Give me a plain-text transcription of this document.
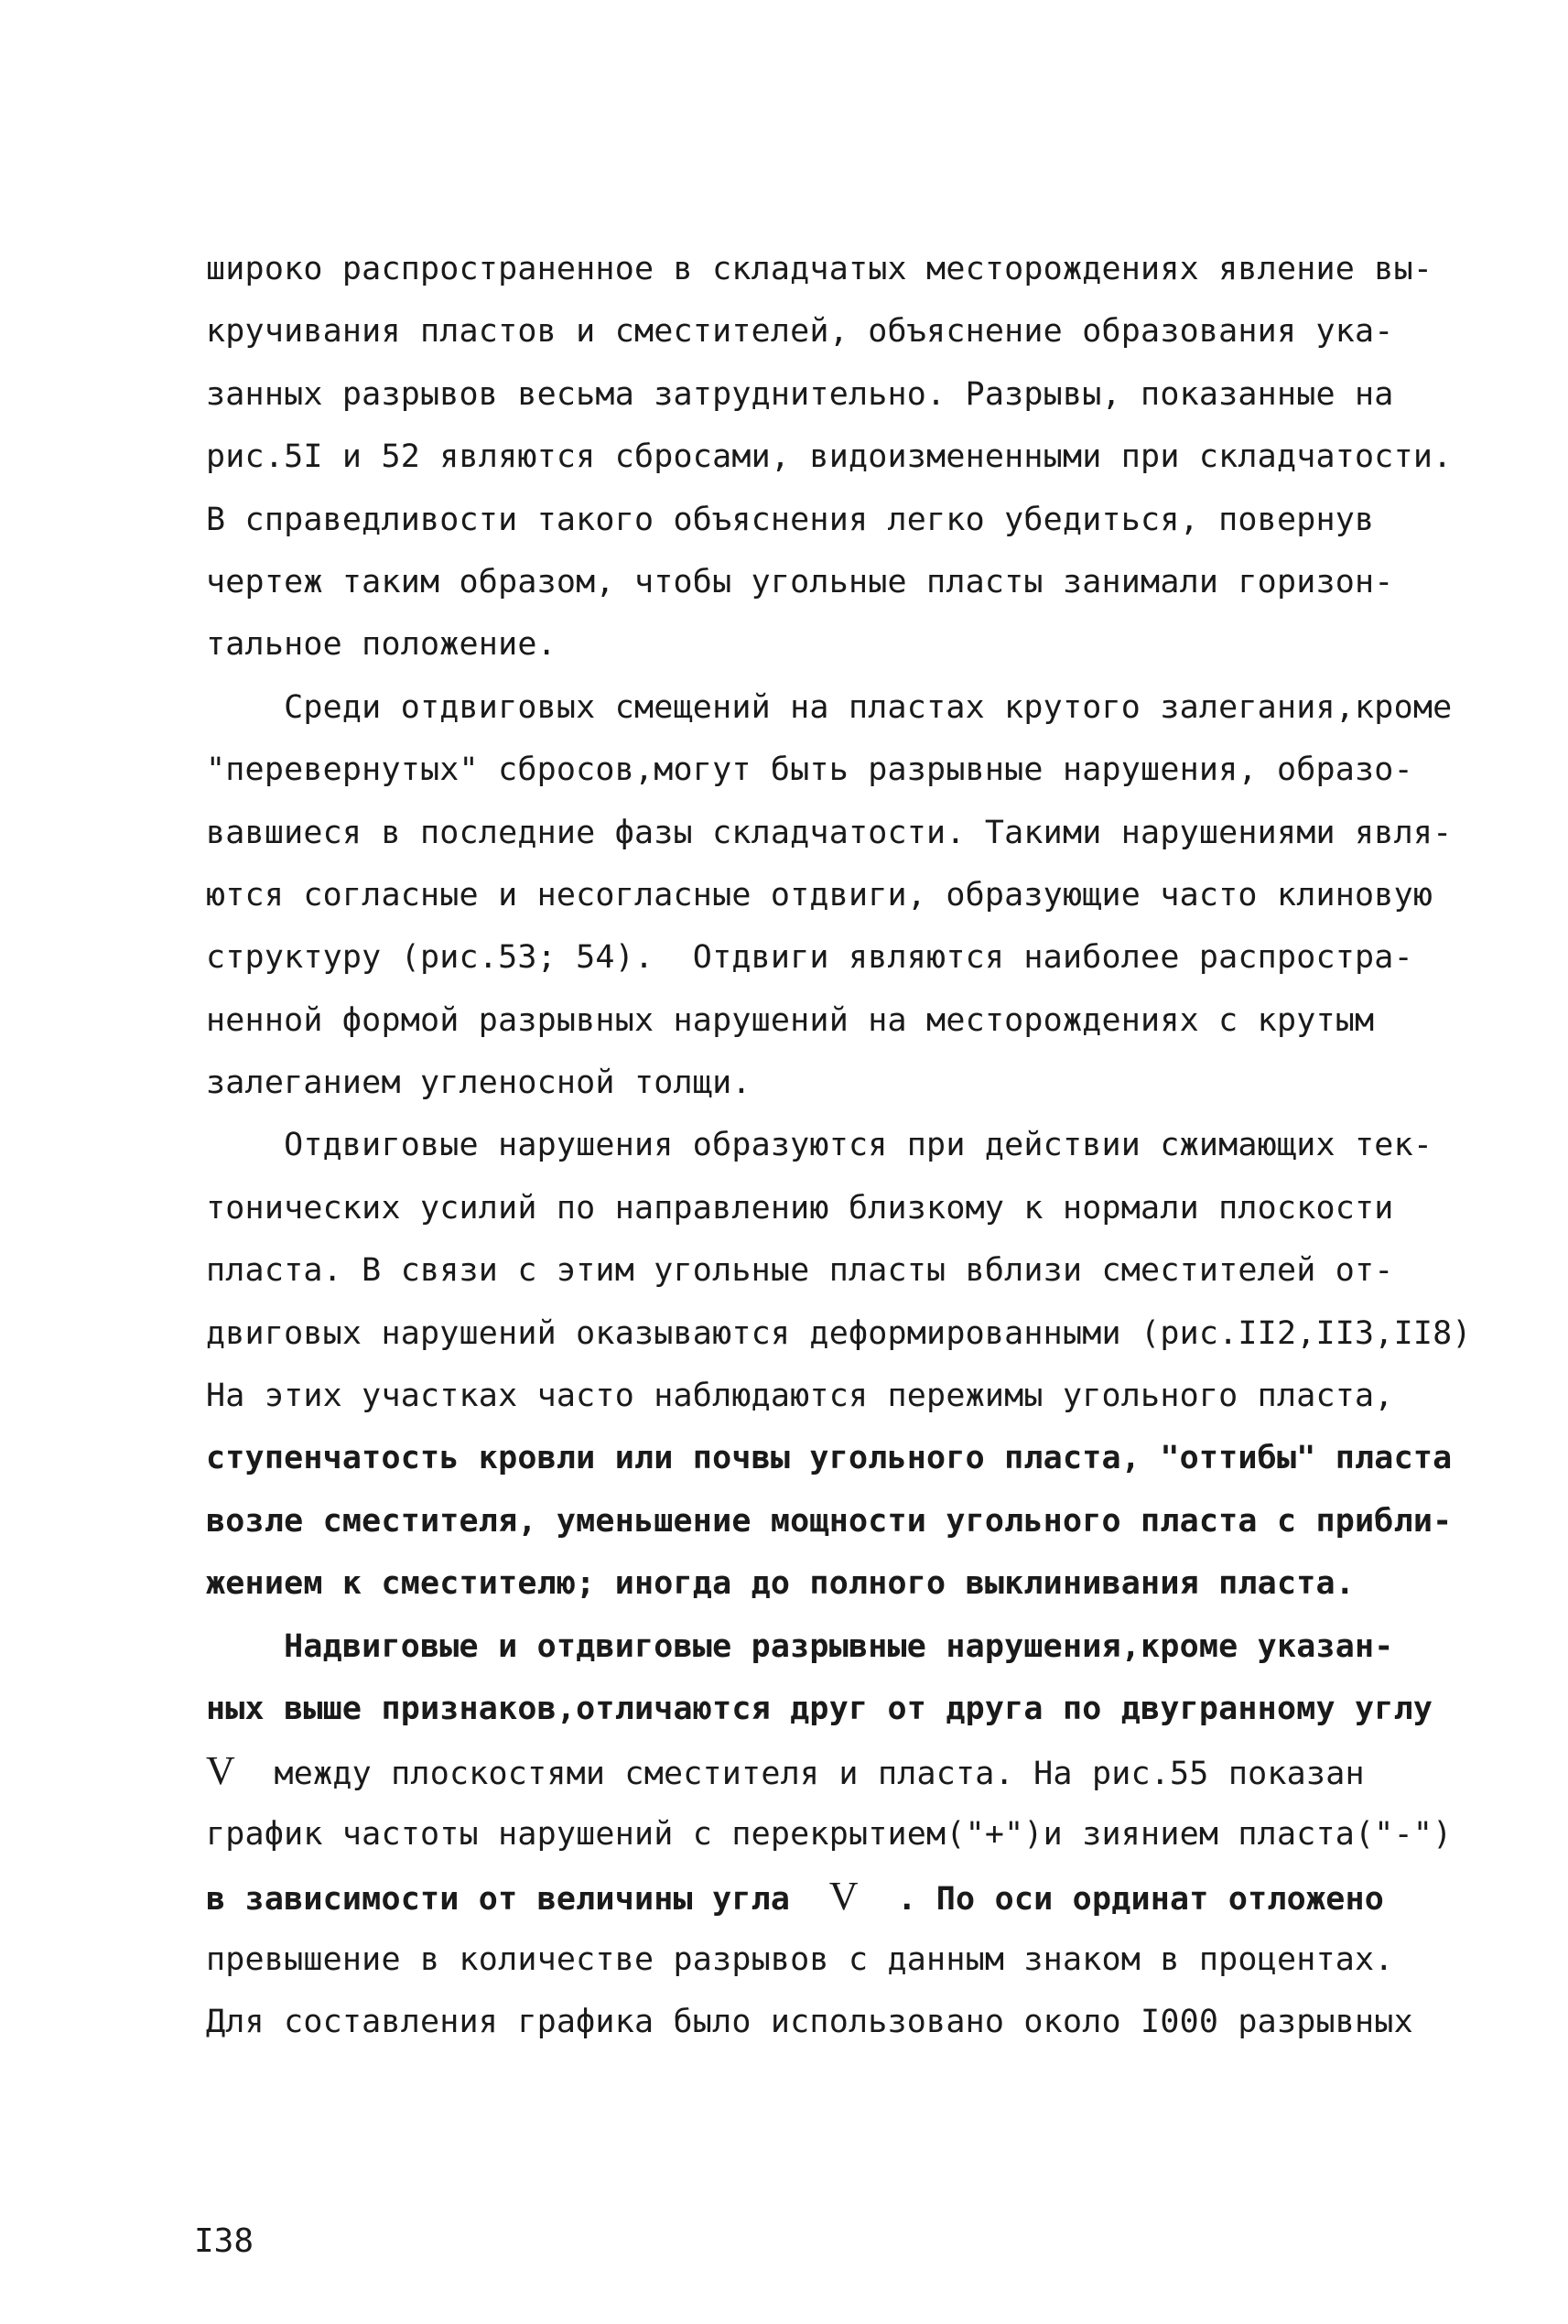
широко распространенное в складчатых месторождениях явление вы-
кручивания пластов и сместителей, объяснение образования ука-
занных разрывов весьма затруднительно. Разрывы, показанные на
рис.5I и 52 являются сбросами, видоизмененными при складчатости.
В справедливости такого объяснения легко убедиться, повернув
чертеж таким образом, чтобы угольные пласты занимали горизон-
тальное положение.
Среди отдвиговых смещений на пластах крутого залегания,кроме
"перевернутых" сбросов,могут быть разрывные нарушения, образо-
вавшиеся в последние фазы складчатости. Такими нарушениями явля-
ются согласные и несогласные отдвиги, образующие часто клиновую
структуру (рис.53; 54).  Отдвиги являются наиболее распростра-
ненной формой разрывных нарушений на месторождениях с крутым
залеганием угленосной толщи.
Отдвиговые нарушения образуются при действии сжимающих тек-
тонических усилий по направлению близкому к нормали плоскости
пласта. В связи с этим угольные пласты вблизи сместителей от-
двиговых нарушений оказываются деформированными (рис.II2,II3,II8)
На этих участках часто наблюдаются пережимы угольного пласта,
ступенчатость кровли или почвы угольного пласта, "оттибы" пласта
возле сместителя, уменьшение мощности угольного пласта с прибли-
жением к сместителю; иногда до полного выклинивания пласта.
Надвиговые и отдвиговые разрывные нарушения,кроме указан-
ных выше признаков,отличаются друг от друга по двугранному углу
V  между плоскостями сместителя и пласта. На рис.55 показан
график частоты нарушений с перекрытием("+")и зиянием пласта("-")
в зависимости от величины угла  V  . По оси ординат отложено
превышение в количестве разрывов с данным знаком в процентах.
Для составления графика было использовано около I000 разрывных
I38
